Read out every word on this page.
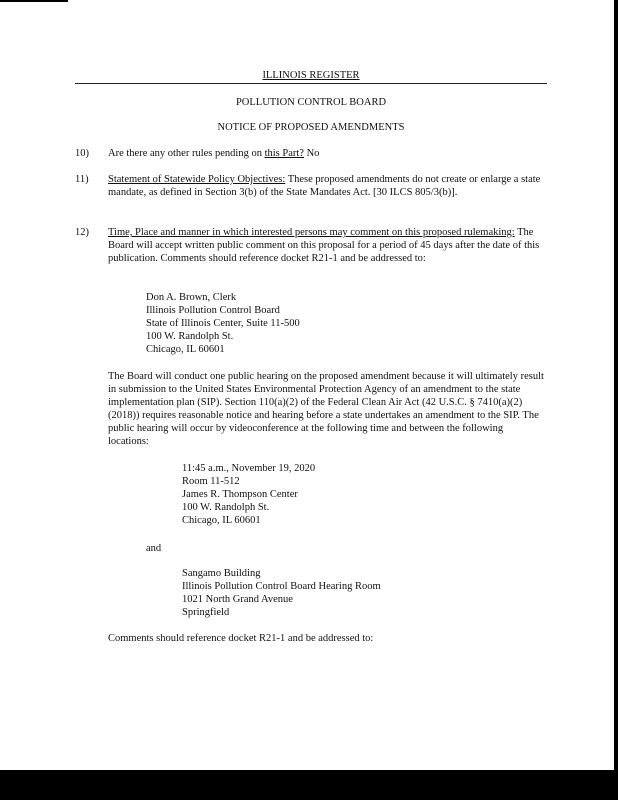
ILLINOIS REGISTER
POLLUTION CONTROL BOARD
NOTICE OF PROPOSED AMENDMENTS
10) Are there any other rules pending on this Part? No
11) Statement of Statewide Policy Objectives: These proposed amendments do not create or enlarge a state mandate, as defined in Section 3(b) of the State Mandates Act. [30 ILCS 805/3(b)].
12) Time, Place and manner in which interested persons may comment on this proposed rulemaking: The Board will accept written public comment on this proposal for a period of 45 days after the date of this publication. Comments should reference docket R21-1 and be addressed to:
Don A. Brown, Clerk
Illinois Pollution Control Board
State of Illinois Center, Suite 11-500
100 W. Randolph St.
Chicago, IL 60601
The Board will conduct one public hearing on the proposed amendment because it will ultimately result in submission to the United States Environmental Protection Agency of an amendment to the state implementation plan (SIP). Section 110(a)(2) of the Federal Clean Air Act (42 U.S.C. § 7410(a)(2) (2018)) requires reasonable notice and hearing before a state undertakes an amendment to the SIP. The public hearing will occur by videoconference at the following time and between the following locations:
11:45 a.m., November 19, 2020
Room 11-512
James R. Thompson Center
100 W. Randolph St.
Chicago, IL 60601
and
Sangamo Building
Illinois Pollution Control Board Hearing Room
1021 North Grand Avenue
Springfield
Comments should reference docket R21-1 and be addressed to:
